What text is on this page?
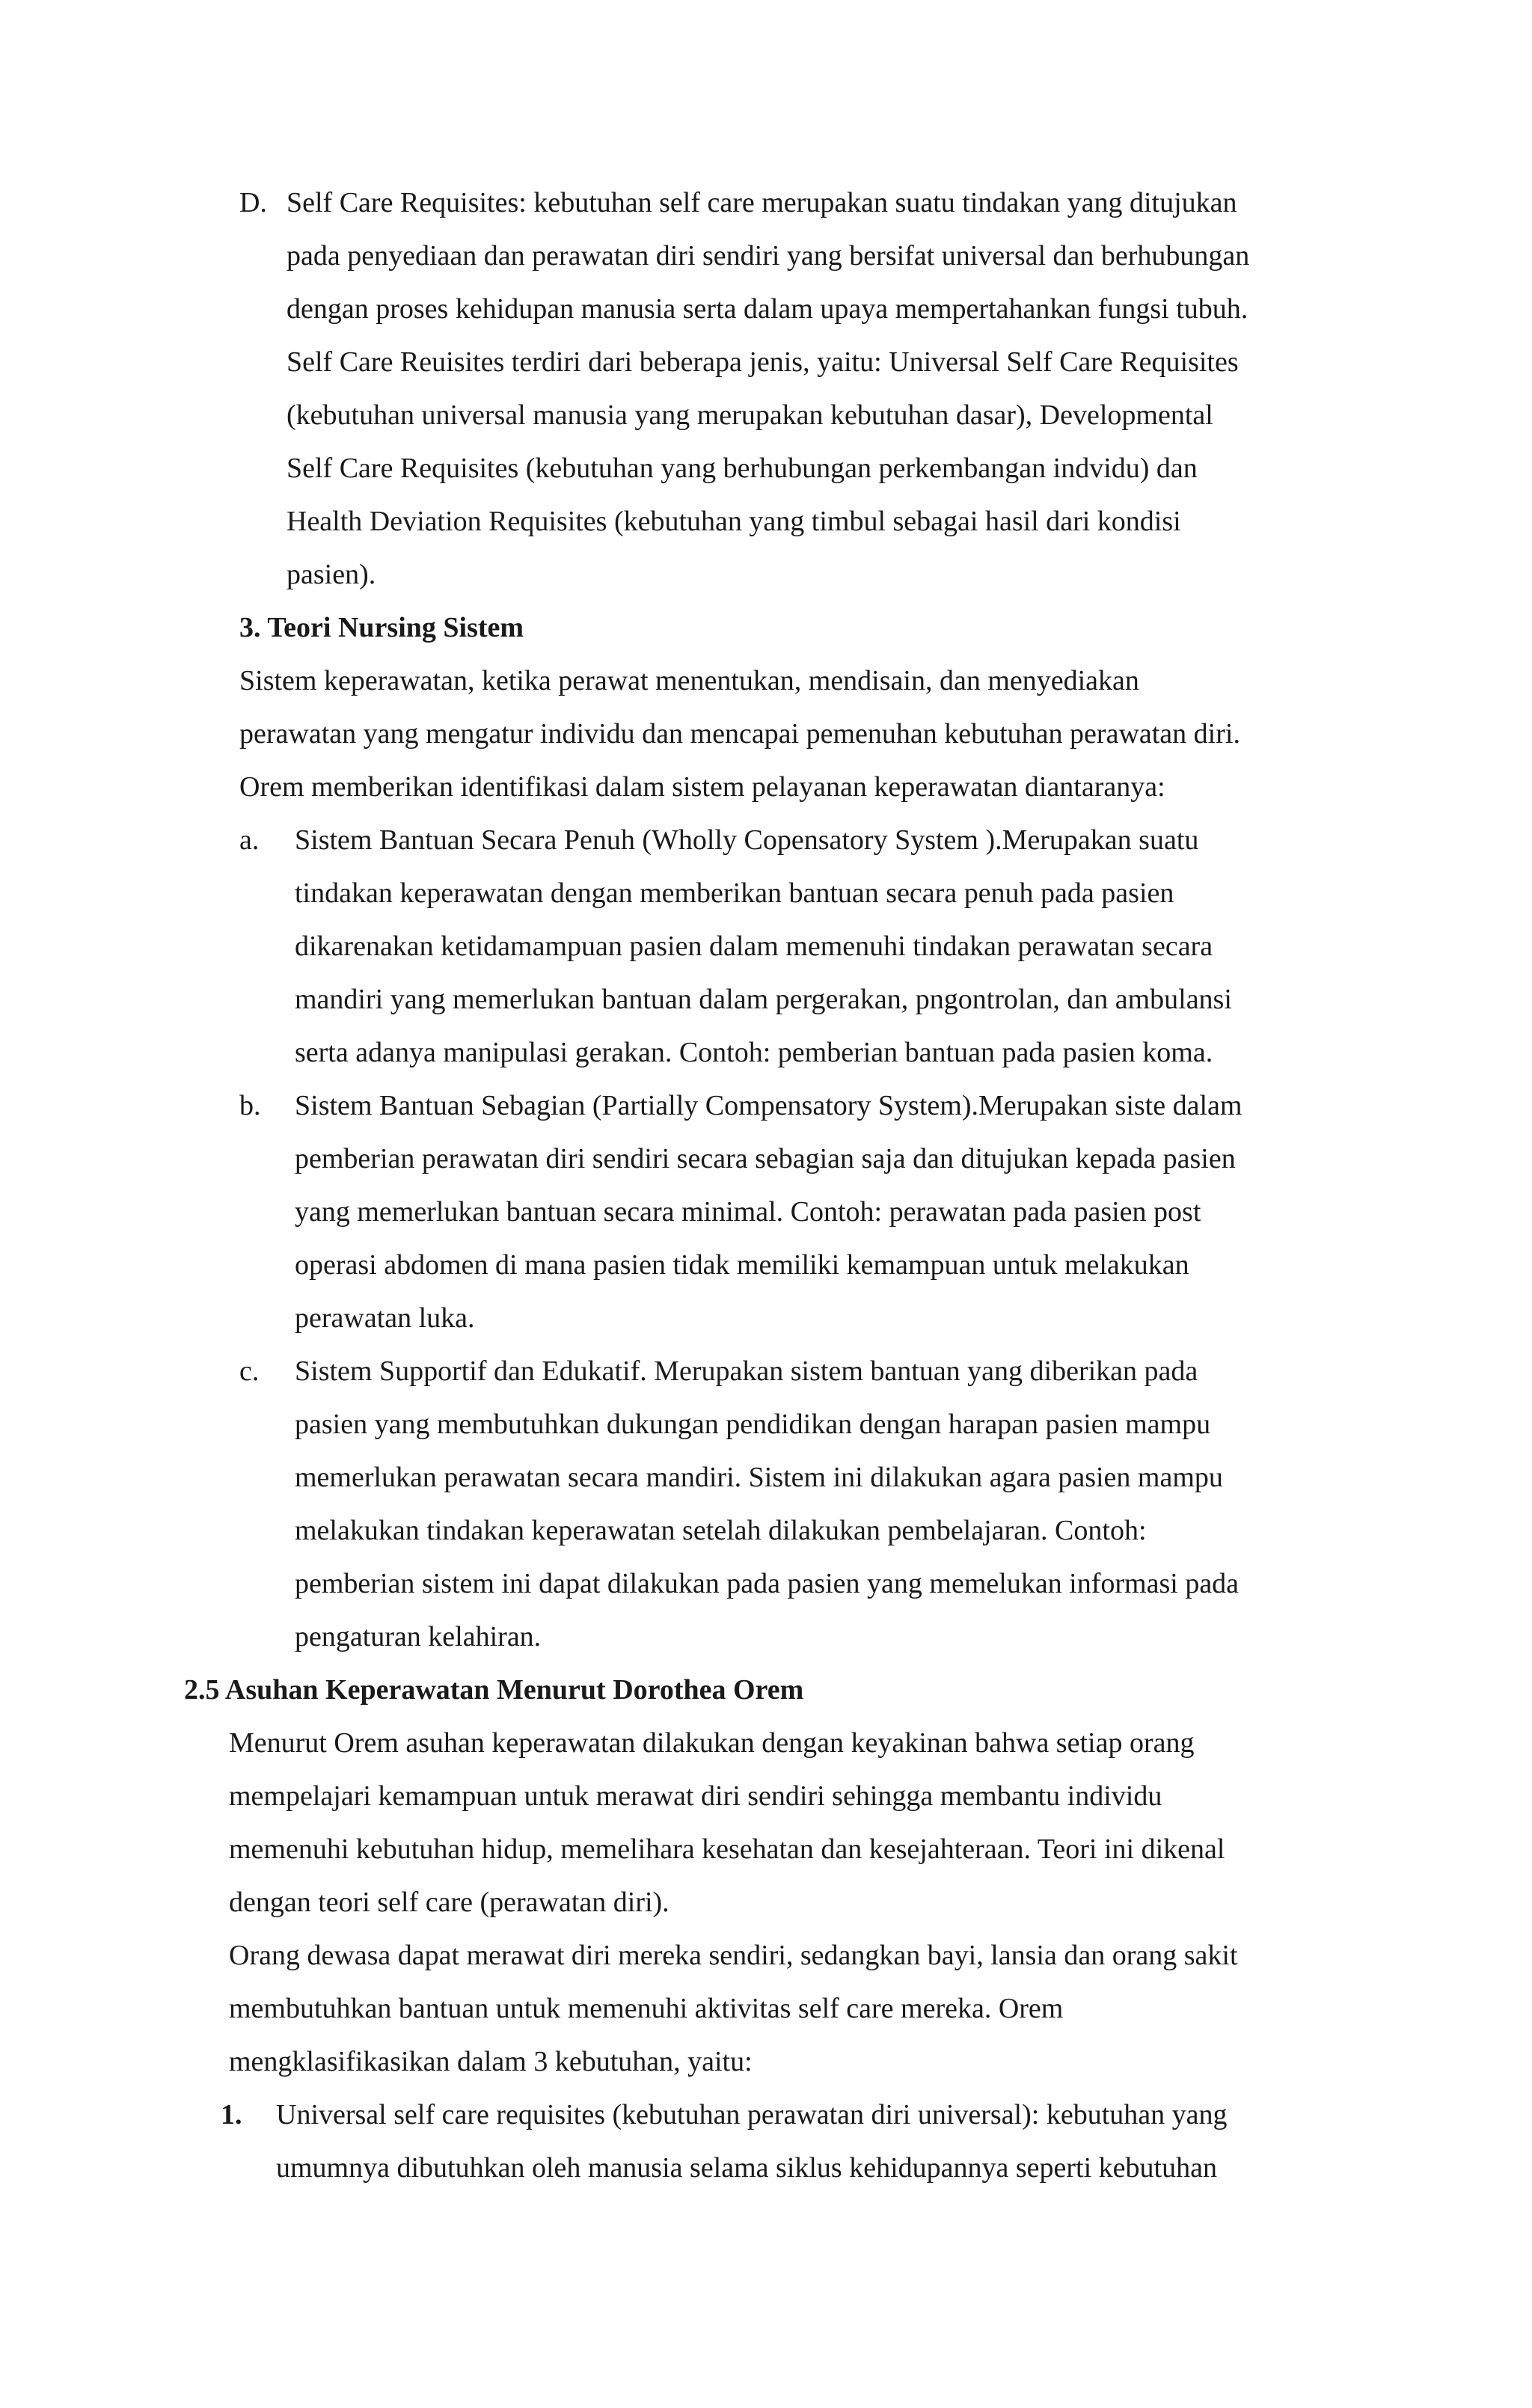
D. Self Care Requisites: kebutuhan self care merupakan suatu tindakan yang ditujukan
pada penyediaan dan perawatan diri sendiri yang bersifat universal dan berhubungan
dengan proses kehidupan manusia serta dalam upaya mempertahankan fungsi tubuh.
Self Care Reuisites terdiri dari beberapa jenis, yaitu: Universal Self Care Requisites
(kebutuhan universal manusia yang merupakan kebutuhan dasar), Developmental
Self Care Requisites (kebutuhan yang berhubungan perkembangan indvidu) dan
Health Deviation Requisites (kebutuhan yang timbul sebagai hasil dari kondisi
pasien).
3. Teori Nursing Sistem
Sistem keperawatan, ketika perawat menentukan, mendisain, dan menyediakan
perawatan yang mengatur individu dan mencapai pemenuhan kebutuhan perawatan diri.
Orem memberikan identifikasi dalam sistem pelayanan keperawatan diantaranya:
a. Sistem Bantuan Secara Penuh (Wholly Copensatory System ).Merupakan suatu
tindakan keperawatan dengan memberikan bantuan secara penuh pada pasien
dikarenakan ketidamampuan pasien dalam memenuhi tindakan perawatan secara
mandiri yang memerlukan bantuan dalam pergerakan, pngontrolan, dan ambulansi
serta adanya manipulasi gerakan. Contoh: pemberian bantuan pada pasien koma.
b. Sistem Bantuan Sebagian (Partially Compensatory System).Merupakan siste dalam
pemberian perawatan diri sendiri secara sebagian saja dan ditujukan kepada pasien
yang memerlukan bantuan secara minimal. Contoh: perawatan pada pasien post
operasi abdomen di mana pasien tidak memiliki kemampuan untuk melakukan
perawatan luka.
c. Sistem Supportif dan Edukatif. Merupakan sistem bantuan yang diberikan pada
pasien yang membutuhkan dukungan pendidikan dengan harapan pasien mampu
memerlukan perawatan secara mandiri. Sistem ini dilakukan agara pasien mampu
melakukan tindakan keperawatan setelah dilakukan pembelajaran. Contoh:
pemberian sistem ini dapat dilakukan pada pasien yang memelukan informasi pada
pengaturan kelahiran.
2.5 Asuhan Keperawatan Menurut Dorothea Orem
Menurut Orem asuhan keperawatan dilakukan dengan keyakinan bahwa setiap orang
mempelajari kemampuan untuk merawat diri sendiri sehingga membantu individu
memenuhi kebutuhan hidup, memelihara kesehatan dan kesejahteraan. Teori ini dikenal
dengan teori self care (perawatan diri).
Orang dewasa dapat merawat diri mereka sendiri, sedangkan bayi, lansia dan orang sakit
membutuhkan bantuan untuk memenuhi aktivitas self care mereka. Orem
mengklasifikasikan dalam 3 kebutuhan, yaitu:
1. Universal self care requisites (kebutuhan perawatan diri universal): kebutuhan yang
umumnya dibutuhkan oleh manusia selama siklus kehidupannya seperti kebutuhan
